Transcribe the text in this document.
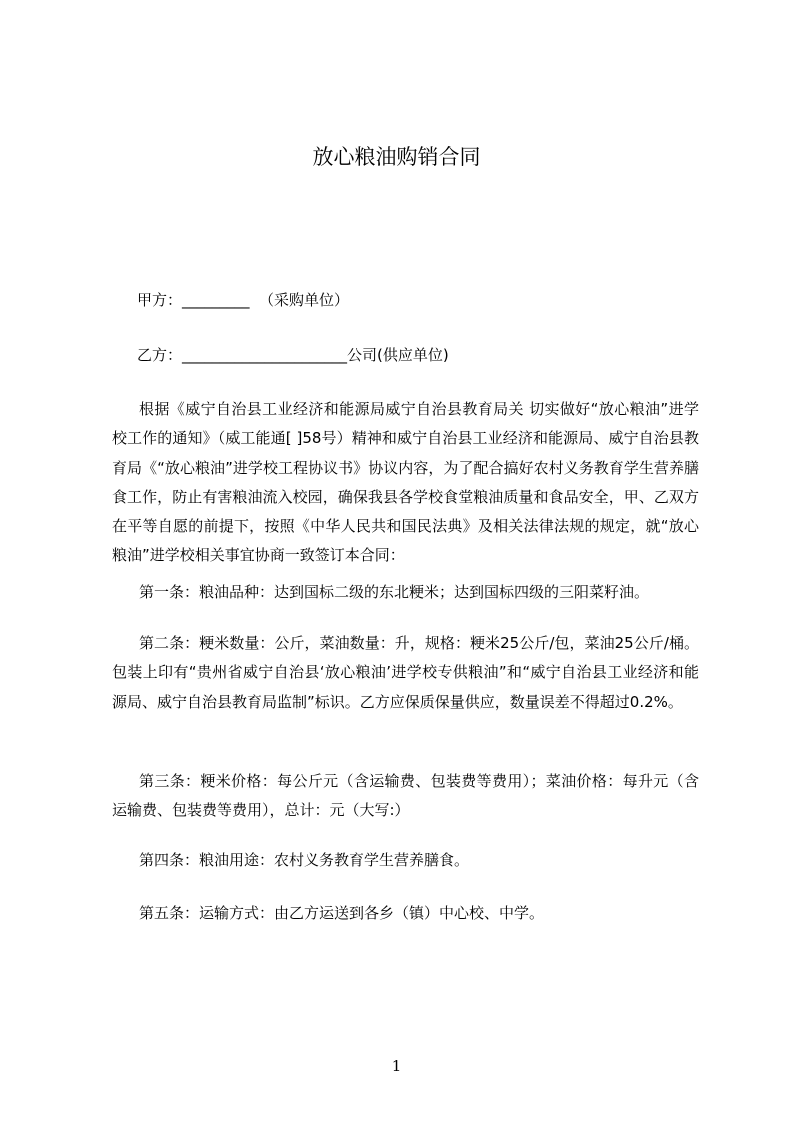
放心粮油购销合同
甲方：_________  （采购单位）
乙方：______________________公司(供应单位)

根据《威宁自治县工业经济和能源局威宁自治县教育局关 切实做好“放心粮油”进学校工作的通知》（威工能通[ ]58号）精神和威宁自治县工业经济和能源局、威宁自治县教育局《“放心粮油”进学校工程协议书》协议内容，为了配合搞好农村义务教育学生营养膳食工作，防止有害粮油流入校园，确保我县各学校食堂粮油质量和食品安全，甲、乙双方在平等自愿的前提下，按照《中华人民共和国民法典》及相关法律法规的规定，就“放心粮油”进学校相关事宜协商一致签订本合同：

第一条：粮油品种：达到国标二级的东北粳米；达到国标四级的三阳菜籽油。

第二条：粳米数量：公斤，菜油数量：升，规格：粳米25公斤/包，菜油25公斤/桶。包装上印有“贵州省威宁自治县‘放心粮油’进学校专供粮油”和“威宁自治县工业经济和能源局、威宁自治县教育局监制”标识。乙方应保质保量供应，数量误差不得超过0.2%。

第三条：粳米价格：每公斤元（含运输费、包装费等费用）；菜油价格：每升元（含运输费、包装费等费用），总计：元（大写:）

第四条：粮油用途：农村义务教育学生营养膳食。

第五条：运输方式：由乙方运送到各乡（镇）中心校、中学。

1
